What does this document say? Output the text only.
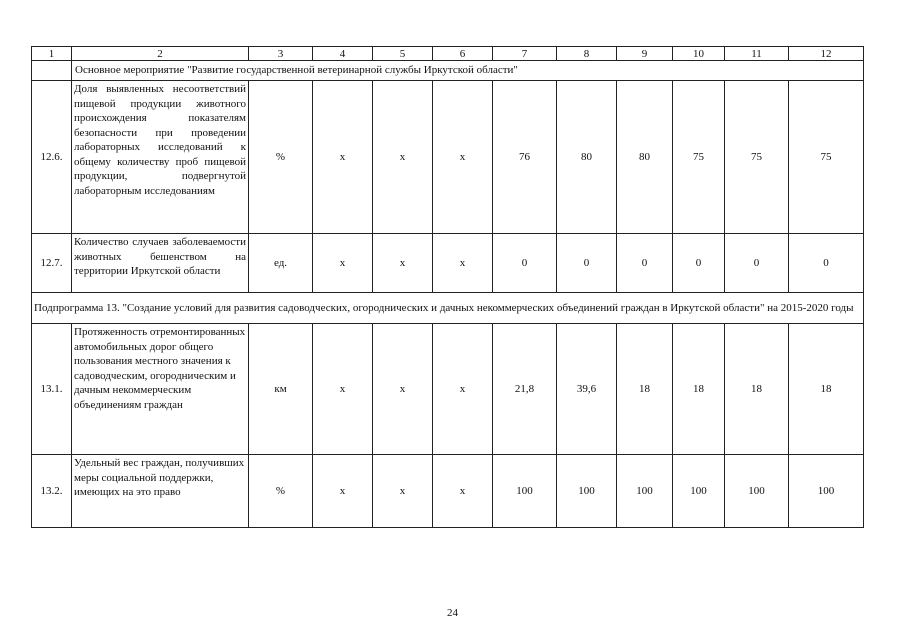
1	2	3	4	5	6	7	8	9	10	11	12
	Основное мероприятие "Развитие государственной ветеринарной службы Иркутской области"										
12.6.	Доля выявленных несоответствий пищевой продукции животного происхождения показателям безопасности при проведении лабораторных исследований к общему количеству проб пищевой продукции, подвергнутой лабораторным исследованиям	%	х	х	х	76	80	80	75	75	75
12.7.	Количество случаев заболеваемости животных бешенством на территории Иркутской области	ед.	х	х	х	0	0	0	0	0	0
Подпрограмма 13. "Создание условий для развития садоводческих, огороднических и дачных некоммерческих объединений граждан в Иркутской области" на 2015-2020 годы											
13.1.	Протяженность отремонтированных автомобильных дорог общего пользования местного значения к садоводческим, огородническим и дачным некоммерческим объединениям граждан	км	х	х	х	21,8	39,6	18	18	18	18
13.2.	Удельный вес граждан, получивших меры социальной поддержки, имеющих на это право	%	х	х	х	100	100	100	100	100	100
24
